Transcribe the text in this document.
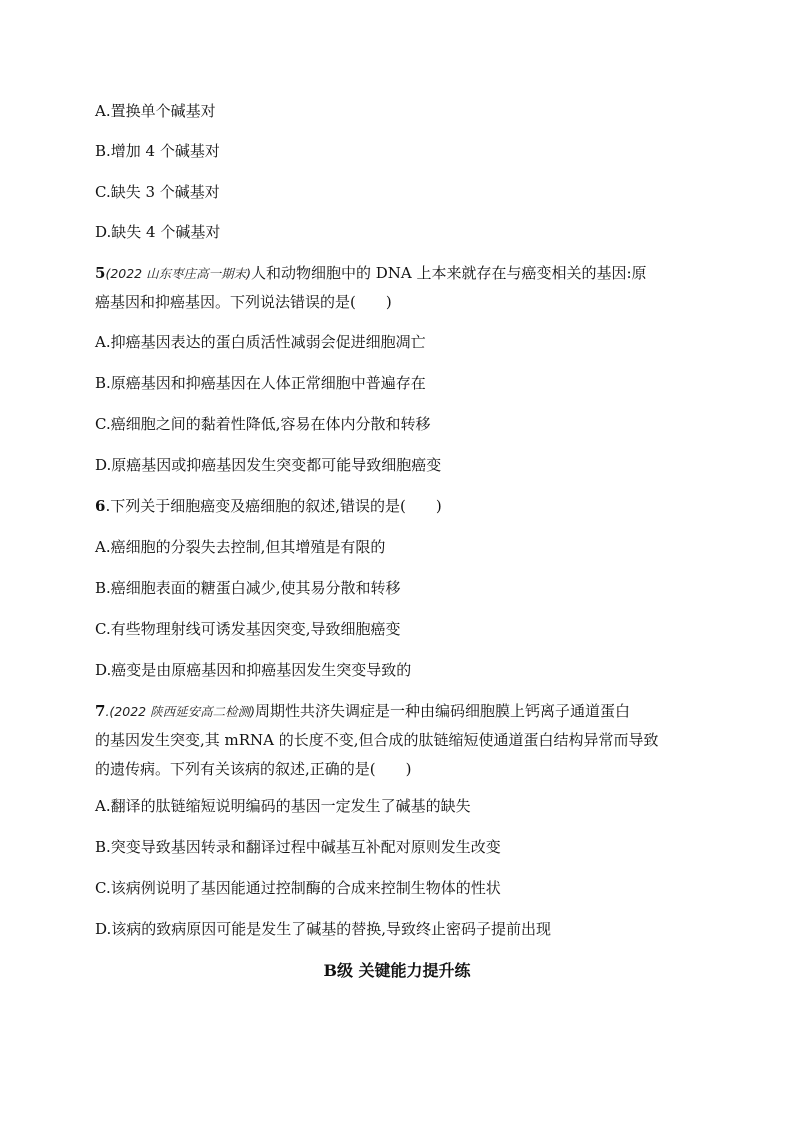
A.置换单个碱基对
B.增加 4 个碱基对
C.缺失 3 个碱基对
D.缺失 4 个碱基对
5(2022 山东枣庄高一期末)人和动物细胞中的 DNA 上本来就存在与癌变相关的基因:原
癌基因和抑癌基因。下列说法错误的是(　　)
A.抑癌基因表达的蛋白质活性减弱会促进细胞凋亡
B.原癌基因和抑癌基因在人体正常细胞中普遍存在
C.癌细胞之间的黏着性降低,容易在体内分散和转移
D.原癌基因或抑癌基因发生突变都可能导致细胞癌变
6.下列关于细胞癌变及癌细胞的叙述,错误的是(　　)
A.癌细胞的分裂失去控制,但其增殖是有限的
B.癌细胞表面的糖蛋白减少,使其易分散和转移
C.有些物理射线可诱发基因突变,导致细胞癌变
D.癌变是由原癌基因和抑癌基因发生突变导致的
7.(2022 陕西延安高二检测)周期性共济失调症是一种由编码细胞膜上钙离子通道蛋白
的基因发生突变,其 mRNA 的长度不变,但合成的肽链缩短使通道蛋白结构异常而导致
的遗传病。下列有关该病的叙述,正确的是(　　)
A.翻译的肽链缩短说明编码的基因一定发生了碱基的缺失
B.突变导致基因转录和翻译过程中碱基互补配对原则发生改变
C.该病例说明了基因能通过控制酶的合成来控制生物体的性状
D.该病的致病原因可能是发生了碱基的替换,导致终止密码子提前出现
B级 关键能力提升练
